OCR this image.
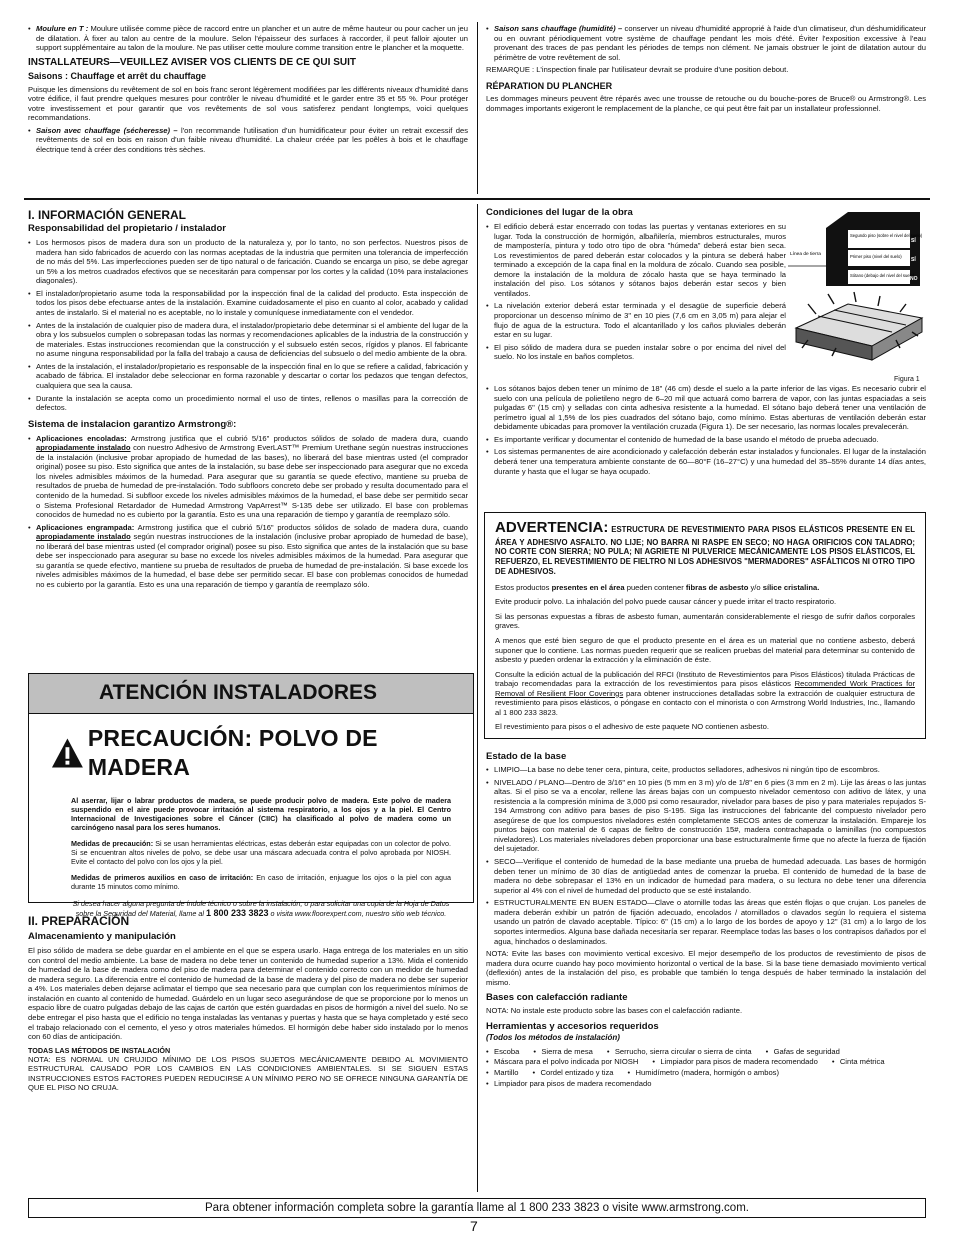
• Moulure en T : Moulure utilisée comme pièce de raccord entre un plancher et un autre de même hauteur ou pour cacher un jeu de dilatation. À fixer au talon au centre de la moulure. Selon l'épaisseur des surfaces à raccorder, il peut falloir ajouter un support supplémentaire au talon de la moulure. Ne pas utiliser cette moulure comme transition entre le plancher et la moquette.
INSTALLATEURS—VEUILLEZ AVISER VOS CLIENTS DE CE QUI SUIT
Saisons : Chauffage et arrêt du chauffage

Puisque les dimensions du revêtement de sol en bois franc seront légèrement modifiées par les différents niveaux d'humidité dans votre édifice, il faut prendre quelques mesures pour contrôler le niveau d'humidité et le garder entre 35 et 55 %. Pour protéger votre investissement et pour garantir que vos revêtements de sol vous satisferez pendant longtemps, voici quelques recommandations.

• Saison avec chauffage (sécheresse) – l'on recommande l'utilisation d'un humidificateur pour éviter un retrait excessif des revêtements de sol en bois en raison d'un faible niveau d'humidité. La chaleur créée par les poêles à bois et le chauffage électrique tend à créer des conditions très sèches.
• Saison sans chauffage (humidité) – conserver un niveau d'humidité approprié à l'aide d'un climatiseur, d'un déshumidificateur ou en ouvrant périodiquement votre système de chauffage pendant les mois d'été. Éviter l'exposition excessive à l'eau provenant des traces de pas pendant les périodes de temps non clément. Ne jamais obstruer le joint de dilatation autour du périmètre de votre revêtement de sol.

REMARQUE : L'inspection finale par l'utilisateur devrait se produire d'une position debout.

RÉPARATION DU PLANCHER

Les dommages mineurs peuvent être réparés avec une trousse de retouche ou du bouche-pores de Bruce® ou Armstrong®. Les dommages importants exigeront le remplacement de la planche, ce qui peut être fait par un installateur professionnel.

I. INFORMACIÓN GENERAL
Responsabilidad del propietario / instalador
• Los hermosos pisos de madera dura son un producto de la naturaleza y, por lo tanto, no son perfectos. Nuestros pisos de madera han sido fabricados de acuerdo con las normas aceptadas de la industria que permiten una tolerancia de imperfección de no más del 5%. Las imperfecciones pueden ser de tipo natural o de faricación. Cuando se encarga un piso, se debe agregar un 5% a los metros cuadrados efectivos que se necesitarán para compensar por los cortes y la calidad (10% para instalaciones diagonales).
• El instalador/propietario asume toda la responsabilidad por la inspección final de la calidad del producto. Esta inspección de todos los pisos debe efectuarse antes de la instalación. Examine cuidadosamente el piso en cuanto al color, acabado y calidad antes de instalarlo. Si el material no es aceptable, no lo instale y comuníquese inmediatamente con el vendedor.
• Antes de la instalación de cualquier piso de madera dura, el instalador/propietario debe determinar si el ambiente del lugar de la obra y los subsuelos cumplen o sobrepasan todas las normas y recomendaciones aplicables de la industria de la construcción y de materiales. Estas instrucciones recomiendan que la construcción y el subsuelo estén secos, rígidos y planos. El fabricante no asume ninguna responsabilidad por la falla del trabajo a causa de deficiencias del subsuelo o del medio ambiente de la obra.
• Antes de la instalación, el instalador/propietario es responsable de la inspección final en lo que se refiere a calidad, fabricación y acabado de fábrica. El instalador debe seleccionar en forma razonable y descartar o cortar los pedazos que tengan defectos, cualquiera que sea la causa.
• Durante la instalación se acepta como un procedimiento normal el uso de tintes, rellenos o masillas para la corrección de defectos.
Sistema de instalacion garantizo Armstrong®:
• Aplicaciones encoladas: Armstrong justifica que el cubrió 5/16" productos sólidos de solado de madera dura, cuando apropiadamente instalado con nuestro Adhesivo de Armstrong EverLAST™ Premium Urethane según nuestras instrucciones de la instalación (inclusive probar apropiado de humedad de las bases), no liberará del base mientras usted (el comprador original) posee su piso. Esto significa que antes de la instalación, su base debe ser inspeccionado para asegurar que no exceda los niveles admisibles máximos de la humedad. Para asegurar que su garantía se quede efectivo, mantiene su prueba de resultados de prueba de humedad de pre-instalación. Todo subfloors concreto debe ser probado y resulta documentado para el contenido de la humedad. Si subfloor excede los niveles admisibles máximos de la humedad, el base debe ser permitido secar o Sistema Profesional Retardador de Humedad Armstrong VapArrest™ S-135 debe ser utilizado. El base con problemas conocidos de humedad no es cubierto por la garantía. Esto es una una reparación de tiempo y garantía de reemplazo sólo.
• Aplicaciones engrampada: Armstrong justifica que el cubrió 5/16" productos sólidos de solado de madera dura, cuando apropiadamente instalado según nuestras instrucciones de la instalación (inclusive probar apropiado de humedad de base), no liberará del base mientras usted (el comprador original) posee su piso. Esto significa que antes de la instalación que su base debe ser inspeccionado para asegurar su base no excede los niveles admisibles máximos de la humedad. Para asegurar que su garantía se quede efectivo, mantiene su prueba de resultados de prueba de humedad de pre-instalación. Si base excede los niveles admisibles máximos de la humedad, el base debe ser permitido secar. El base con problemas conocidos de humedad no es cubierto por la garantía. Esto es una una reparación de tiempo y garantía de reemplazo sólo.
ATENCIÓN INSTALADORES
PRECAUCIÓN: POLVO DE MADERA

Al aserrar, lijar o labrar productos de madera, se puede producir polvo de madera. Este polvo de madera suspendido en el aire puede provocar irritación al sistema respiratorio, a los ojos y a la piel. El Centro Internacional de Investigaciones sobre el Cáncer (CIIC) ha clasificado al polvo de madera como un carcinógeno nasal para los seres humanos.

Medidas de precaución: Si se usan herramientas eléctricas, estas deberán estar equipadas con un colector de polvo. Si se encuentran altos niveles de polvo, se debe usar una máscara adecuada contra el polvo aprobada por NIOSH. Evite el contacto del polvo con los ojos y la piel.

Medidas de primeros auxilios en caso de irritación: En caso de irritación, enjuague los ojos o la piel con agua durante 15 minutos como mínimo.

Si desea hacer alguna pregunta de índole técnico o sobre la instalación, o para solicitar una copia de la Hoja de Datos sobre la Seguridad del Material, llame al 1 800 233 3823 o visita www.floorexpert.com, nuestro sitio web técnico.

II. PREPARACIÓN
Almacenamiento y manipulación

El piso sólido de madera se debe guardar en el ambiente en el que se espera usarlo. Haga entrega de los materiales en un sitio con control del medio ambiente. La base de madera no debe tener un contenido de humedad superior a 13%. Mida el contenido de humedad de la base de madera como del piso de madera para determinar el contenido correcto con un medidor de humedad de madera seguro. La diferencia entre el contenido de humedad de la base de madera y del piso de madera no debe ser superior a 4%. Los materiales deben dejarse aclimatar el tiempo que sea necesario para que cumplan con los requerimientos mínimos de instalación en cuanto al contenido de humedad. Guárdelo en un lugar seco asegurándose de que se proporcione por lo menos un espacio libre de cuatro pulgadas debajo de las cajas de cartón que estén guardadas en pisos de hormigón a nivel del suelo. No se debe entregar el piso hasta que el edificio no tenga instaladas las ventanas y puertas y hasta que se haya completado y esté seco el trabajo relacionado con el cemento, el yeso y otros materiales húmedos. El hormigón debe haber sido instalado por lo menos con 60 días de anticipación.

TODAS LAS MÉTODOS DE INSTALACIÓN

NOTA: ES NORMAL UN CRUJIDO MÍNIMO DE LOS PISOS SUJETOS MECÁNICAMENTE DEBIDO AL MOVIMIENTO ESTRUCTURAL CAUSADO POR LOS CAMBIOS EN LAS CONDICIONES AMBIENTALES. SI SE SIGUEN ESTAS INSTRUCCIONES ESTOS FACTORES PUEDEN REDUCIRSE A UN MÍNIMO PERO NO SE OFRECE NINGUNA GARANTÍA DE QUE EL PISO NO CRUJA.

Condiciones del lugar de la obra
• El edificio deberá estar encerrado con todas las puertas y ventanas exteriores en su lugar. Toda la construcción de hormigón, albañilería, miembros estructurales, muros de mampostería, pintura y todo otro tipo de obra "húmeda" deberá estar bien seca. Los revestimientos de pared deberán estar colocados y la pintura se deberá haber terminado a excepción de la capa final en la moldura de zócalo. Cuando sea posible, demore la instalación de la moldura de zócalo hasta que se haya terminado la instalación del piso. Los sótanos y sótanos bajos deberán estar secos y bien ventilados.
• La nivelación exterior deberá estar terminada y el desagüe de superficie deberá proporcionar un descenso mínimo de 3" en 10 pies (7,6 cm en 3,05 m) para alejar el flujo de agua de la estructura. Todo el alcantarillado y los caños pluviales deberán estar en su lugar.
• El piso sólido de madera dura se pueden instalar sobre o por encima del nivel del suelo. No los instale en baños completos.
• Los sótanos bajos deben tener un mínimo de 18" (46 cm) desde el suelo a la parte inferior de las vigas. Es necesario cubrir el suelo con una película de polietileno negro de 6–20 mil que actuará como barrera de vapor, con las juntas espaciadas a seis pulgadas 6" (15 cm) y selladas con cinta adhesiva resistente a la humedad. El sótano bajo deberá tener una ventilación de perímetro igual al 1,5% de los pies cuadrados del sótano bajo, como mínimo. Estas aberturas de ventilación deberán estar debidamente ubicadas para promover la ventilación cruzada (Figura 1). De ser necesario, las normas locales prevalecerán.
• Es importante verificar y documentar el contenido de humedad de la base usando el método de prueba adecuado.
• Los sistemas permanentes de aire acondicionado y calefacción deberán estar instalados y funcionales. El lugar de la instalación deberá tener una temperatura ambiente constante de 60—80°F (16–27°C) y una humedad del 35–55% durante 14 días antes, durante y hasta que el lugar se haya ocupado.
Línea de tierra
Segundo piso (sobre el nivel del suelo)
Primer piso (nivel del suelo)
Sótano (debajo del nivel del suelo)
SÍ
SÍ
NO
Figura 1
ADVERTENCIA: ESTRUCTURA DE REVESTIMIENTO PARA PISOS ELÁSTICOS PRESENTE EN EL ÁREA Y ADHESIVO ASFALTO. NO LIJE; NO BARRA NI RASPE EN SECO; NO HAGA ORIFICIOS CON TALADRO; NO CORTE CON SIERRA; NO PULA; NI AGRIETE NI PULVERICE MECÁNICAMENTE LOS PISOS ELÁSTICOS, EL REFUERZO, EL REVESTIMIENTO DE FIELTRO NI LOS ADHESIVOS "MERMADORES" ASFÁLTICOS NI OTRO TIPO DE ADHESIVOS.

Estos productos presentes en el área pueden contener fibras de asbesto y/o sílice cristalina.

Evite producir polvo. La inhalación del polvo puede causar cáncer y puede irritar el tracto respiratorio.

Si las personas expuestas a fibras de asbesto fuman, aumentarán considerablemente el riesgo de sufrir daños corporales graves.

A menos que esté bien seguro de que el producto presente en el área es un material que no contiene asbesto, deberá suponer que lo contiene. Las normas pueden requerir que se realicen pruebas del material para determinar su contenido de asbesto y pueden ordenar la extracción y la eliminación de éste.

Consulte la edición actual de la publicación del RFCI (Instituto de Revestimientos para Pisos Elásticos) titulada Prácticas de trabajo recomendadas para la extracción de los revestimientos para pisos elásticos Recommended Work Practices for Removal of Resilient Floor Coverings para obtener instrucciones detalladas sobre la extracción de cualquier estructura de revestimiento para pisos elásticos, o póngase en contacto con el minorista o con Armstrong World Industries, Inc., llamando al 1 800 233 3823.

El revestimiento para pisos o el adhesivo de este paquete NO contienen asbesto.

Estado de la base
• LIMPIO—La base no debe tener cera, pintura, ceite, productos selladores, adhesivos ni ningún tipo de escombros.
• NIVELADO / PLANO—Dentro de 3/16" en 10 pies (5 mm en 3 m) y/o de 1/8" en 6 pies (3 mm en 2 m). Lije las áreas o las juntas altas. Si el piso se va a encolar, rellene las áreas bajas con un compuesto nivelador cementoso con aditivo de látex, y una resistencia a la compresión mínima de 3,000 psi como resaurador, nivelador para bases de piso y para materiales repujados S-194 Armstrong con aditivo para bases de piso S-195. Siga las instrucciones del fabricante del compuesto nivelador pero asegúrese de que los compuestos niveladores estén completamente SECOS antes de comenzar la instalación. Empareje los puntos bajos con material de 6 capas de fieltro de construcción 15#, madera contrachapada o laminillas (no compuestos niveladores). Los materiales niveladores deben proporcionar una base estructuralmente firme que no afecte la fuerza de fijación del sujetador.
• SECO—Verifique el contenido de humedad de la base mediante una prueba de humedad adecuada. Las bases de hormigón deben tener un mínimo de 30 días de antigüedad antes de comenzar la prueba. El contenido de humedad de la base de madera no debe sobrepasar el 13% en un indicador de humedad para madera, o su lectura no debe tener una diferencia superior al 4% con el nivel de humedad del producto que se esté instalando.
• ESTRUCTURALMENTE EN BUEN ESTADO—Clave o atornille todas las áreas que estén flojas o que crujan. Los paneles de madera deberán exhibir un patrón de fijación adecuado, encolados / atornillados o clavados según lo requiera el sistema usando un patrón de clavado aceptable. Típico: 6" (15 cm) a lo largo de los bordes de apoyo y 12" (31 cm) a lo largo de los soportes intermedios. Alguna base dañada necesitaría ser reparar. Reemplace todas las bases o los contrapisos dañados por el agua, hinchados o deslaminados.

NOTA: Evite las bases con movimiento vertical excesivo. El mejor desempeño de los productos de revestimiento de pisos de madera dura ocurre cuando hay poco movimiento horizontal o vertical de la base. Si la base tiene demasiado movimiento vertical (deflexión) antes de la instalación del piso, es probable que también lo tenga después de haber terminado la instalación del mismo.

Bases con calefacción radiante

NOTA: No instale este producto sobre las bases con el calefacción radiante.

Herramientas y accesorios requeridos
(Todos los métodos de instalación)
• Escoba	• Sierra de mesa	• Serrucho, sierra circular o sierra de cinta	• Gafas de seguridad
• Máscara para el polvo indicada por NIOSH	• Limpiador para pisos de madera recomendado	• Cinta métrica
• Martillo	• Cordel entizado y tiza	• Humidímetro (madera, hormigón o ambos)
• Limpiador para pisos de madera recomendado
Para obtener información completa sobre la garantía llame al 1 800 233 3823 o visite www.armstrong.com.
7
